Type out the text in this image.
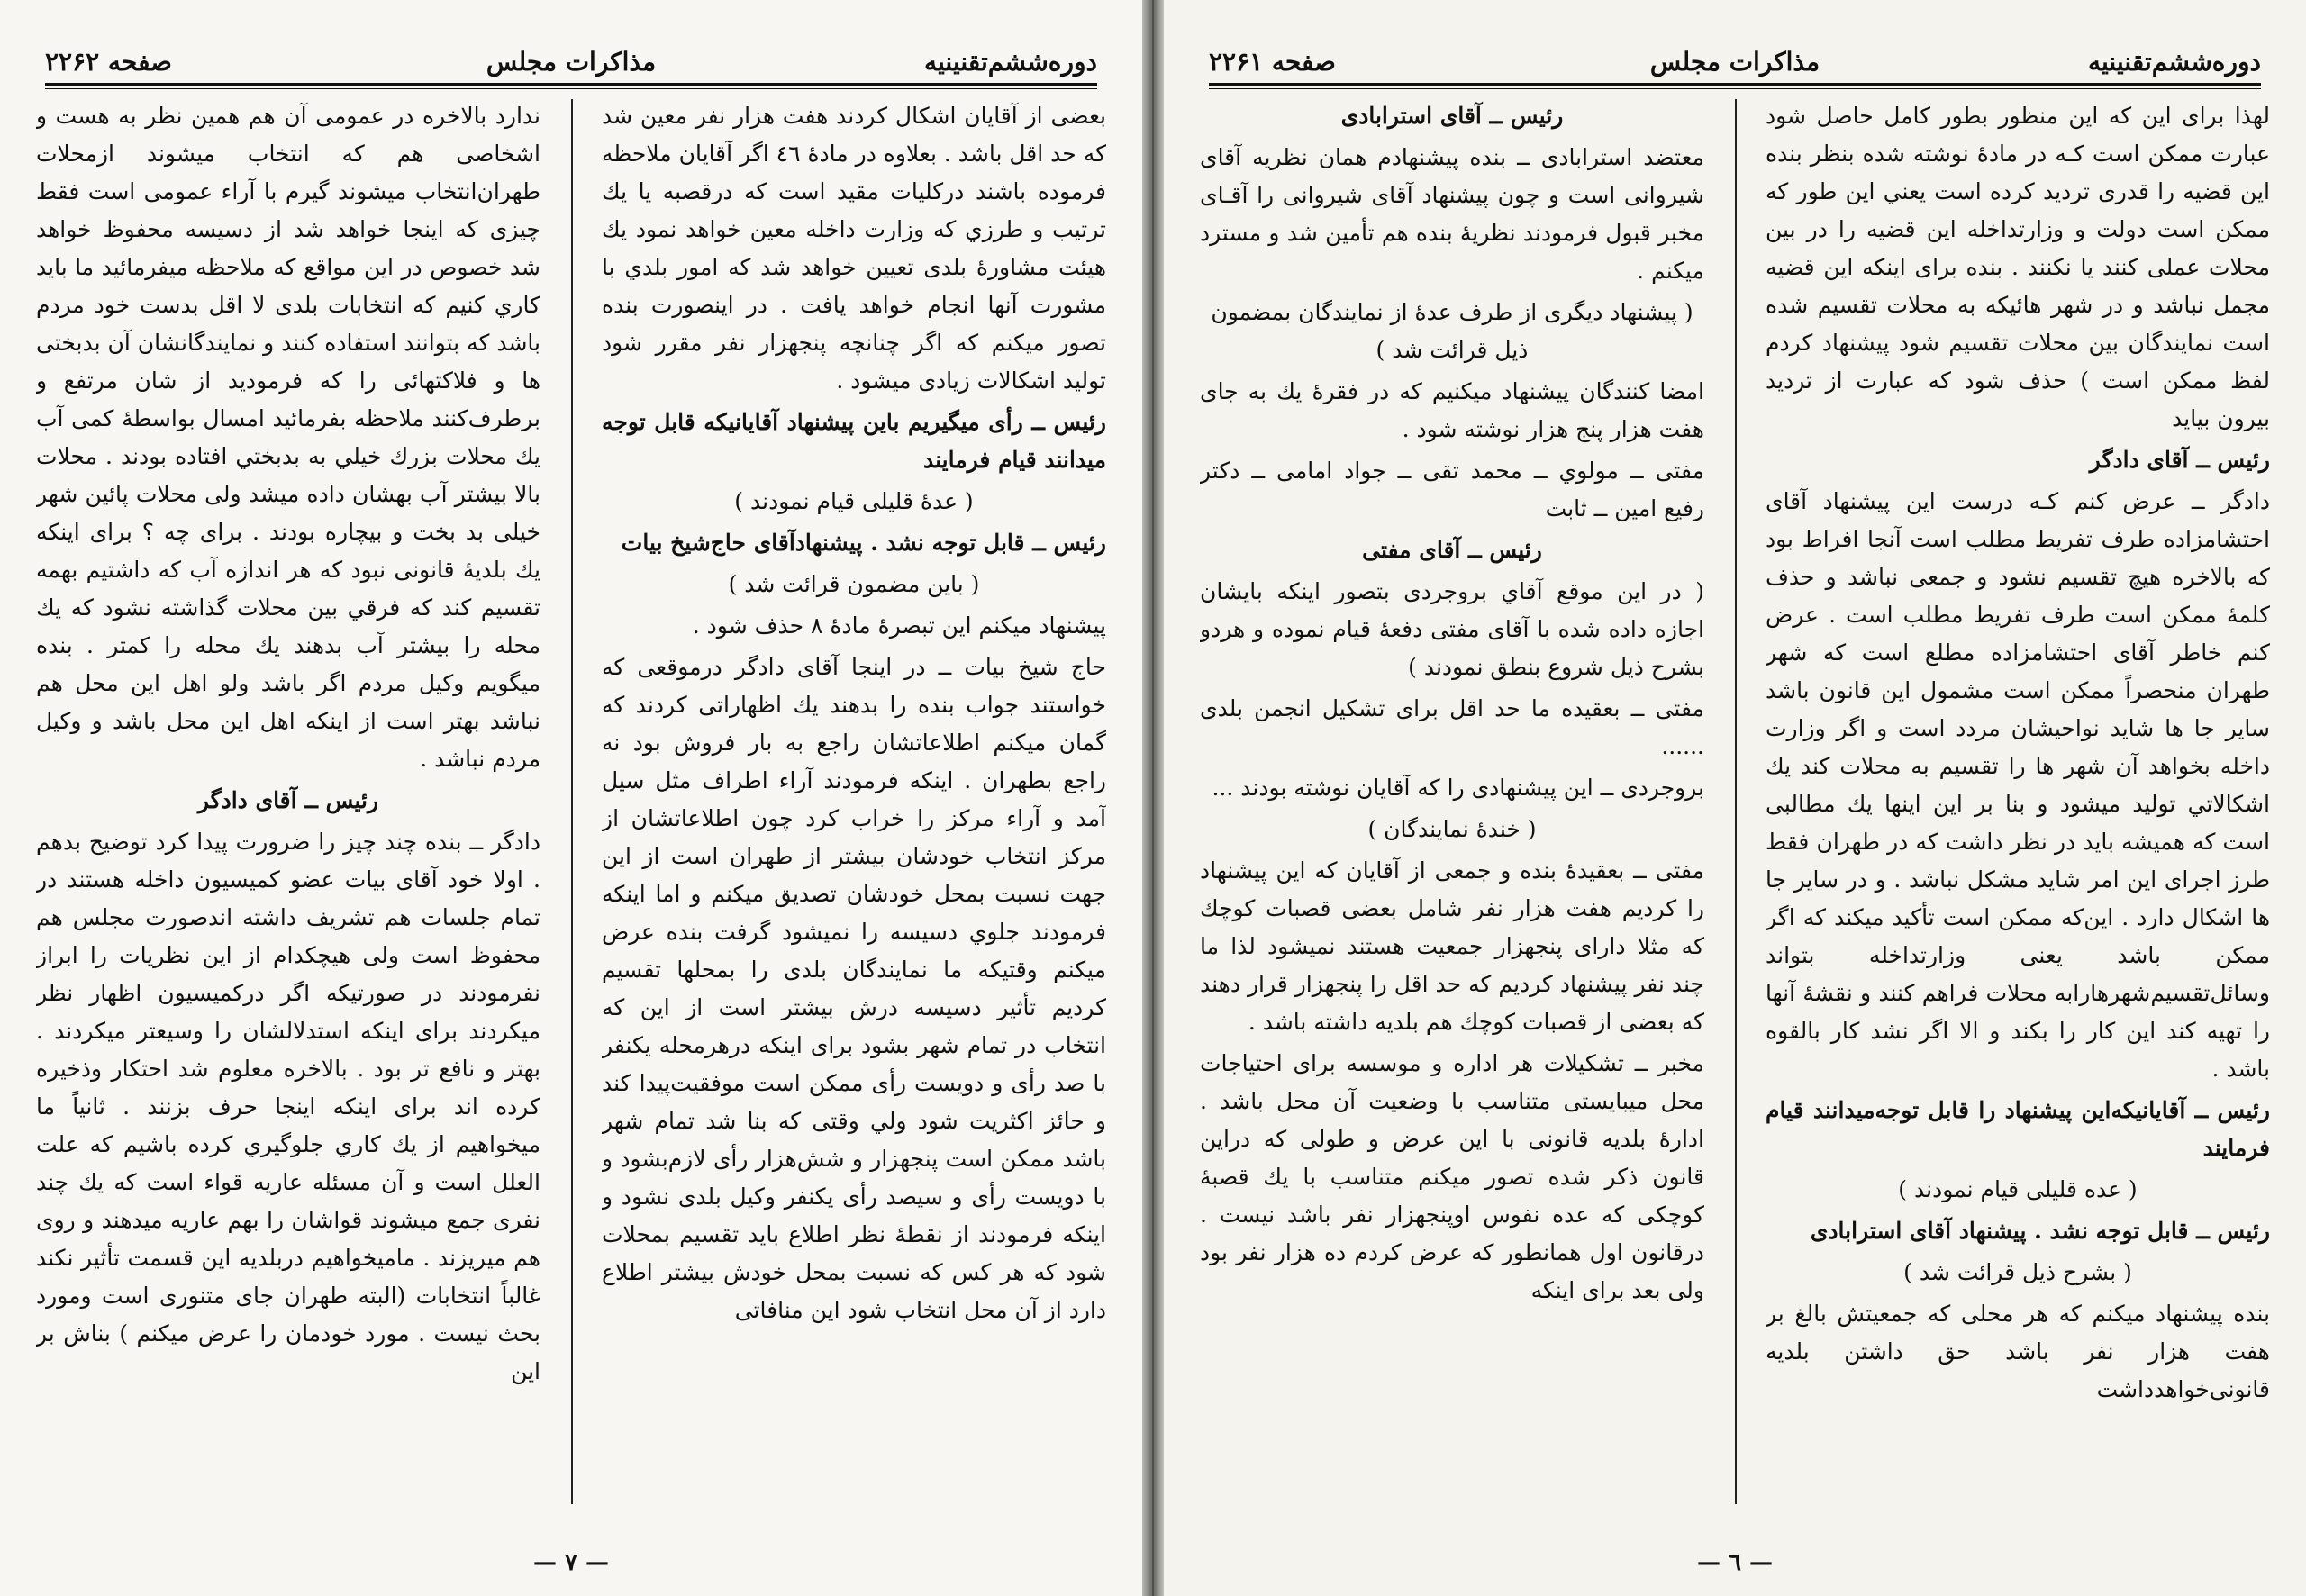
دوره‌ششم‌تقنینیه
مذاکرات مجلس
صفحه ۲۲۶۲

بعضی از آقایان اشکال کردند هفت هزار نفر معین شد که حد اقل باشد . بعلاوه در مادهٔ ٤٦ اگر آقایان ملاحظه فرموده باشند درکلیات مقید است که درقصبه یا یك ترتیب و طرزي که وزارت داخله معین خواهد نمود یك هیئت مشاورهٔ بلدی تعیین خواهد شد که امور بلدي با مشورت آنها انجام خواهد یافت . در اینصورت بنده تصور میکنم که اگر چنانچه پنجهزار نفر مقرر شود تولید اشکالات زیادی میشود .

رئیس ــ رأی میگیریم باین پیشنهاد آقایانیکه قابل توجه میدانند قیام فرمایند

( عدهٔ قلیلی قیام نمودند )

رئیس ــ قابل توجه نشد . پیشنهادآقای حاج‌شیخ بیات

( باین مضمون قرائت شد )

پیشنهاد میکنم این تبصرهٔ مادهٔ ۸ حذف شود .

حاج شیخ بیات ــ در اینجا آقای دادگر درموقعی که خواستند جواب بنده را بدهند یك اظهاراتی کردند که گمان میکنم اطلاعاتشان راجع به بار فروش بود نه راجع بطهران . اینکه فرمودند آراء اطراف مثل سیل آمد و آراء مرکز را خراب کرد چون اطلاعاتشان از مرکز انتخاب خودشان بیشتر از طهران است از این جهت نسبت بمحل خودشان تصدیق میکنم و اما اینکه فرمودند جلوي دسیسه را نمیشود گرفت بنده عرض میکنم وقتیکه ما نمایندگان بلدی را بمحلها تقسیم کردیم تأثیر دسیسه درش بیشتر است از این که انتخاب در تمام شهر بشود برای اینکه درهرمحله یکنفر با صد رأی و دویست رأی ممکن است موفقیت‌پیدا کند و حائز اکثریت شود ولي وقتی که بنا شد تمام شهر باشد ممکن است پنجهزار و شش‌هزار رأی لازم‌بشود و با دویست رأی و سیصد رأی یکنفر وکیل بلدی نشود و اینکه فرمودند از نقطهٔ نظر اطلاع باید تقسیم بمحلات شود که هر کس که نسبت بمحل خودش بیشتر اطلاع دارد از آن محل انتخاب شود این منافاتی

ندارد بالاخره در عمومی آن هم همین نظر به هست و اشخاصی هم که انتخاب میشوند ازمحلات طهران‌انتخاب میشوند گیرم با آراء عمومی است فقط چیزی که اینجا خواهد شد از دسیسه محفوظ خواهد شد خصوص در این مواقع که ملاحظه میفرمائید ما بايد كاري كنيم كه انتخابات بلدی لا اقل بدست خود مردم باشد که بتوانند استفاده کنند و نمایندگانشان آن بدبختی ها و فلاکتهائی را که فرمودید از شان مرتفع و برطرف‌کنند ملاحظه بفرمائید امسال بواسطهٔ کمی آب یك محلات بزرك خیلي به بدبختي افتاده بودند . محلات بالا بیشتر آب بهشان داده میشد ولی محلات پائین شهر خیلی بد بخت و بیچاره بودند . برای چه ؟ برای اینکه یك بلدیهٔ قانونی نبود که هر اندازه آب که داشتیم بهمه تقسیم کند که فرقي بین محلات گذاشته نشود که یك محله را بیشتر آب بدهند یك محله را کمتر . بنده میگویم وکیل مردم اگر باشد ولو اهل این محل هم نباشد بهتر است از اینکه اهل این محل باشد و وکیل مردم نباشد .

رئیس ــ آقای دادگر

دادگر ــ بنده چند چیز را ضرورت پیدا کرد توضیح بدهم . اولا خود آقای بیات عضو کمیسیون داخله هستند در تمام جلسات هم تشریف داشته اندصورت مجلس هم محفوظ است ولی هیچکدام از این نظریات را ابراز نفرمودند در صورتیکه اگر درکمیسیون اظهار نظر میکردند برای اینکه استدلالشان را وسیعتر میکردند . بهتر و نافع تر بود . بالاخره معلوم شد احتکار وذخیره کرده اند برای اینکه اینجا حرف بزنند . ثانیاً ما میخواهیم از یك كاري جلوگيري کرده باشیم که علت العلل است و آن مسئله عاریه قواء است که یك چند نفری جمع میشوند قواشان را بهم عاریه میدهند و روی هم میریزند . مامیخواهیم دربلدیه این قسمت تأثیر نکند غالباً انتخابات (البته طهران جای متنوری است ومورد بحث نیست . مورد خودمان را عرض میکنم ) بناش بر این

— ٧ —
دوره‌ششم‌تقنینیه
مذاکرات مجلس
صفحه ۲۲۶۱

لهذا برای این که این منظور بطور کامل حاصل شود عبارت ممکن است کـه در مادهٔ نوشته شده بنظر بنده این قضیه را قدری تردید کرده است یعني این طور که ممکن است دولت و وزارتداخله این قضیه را در بین محلات عملی کنند یا نکنند . بنده برای اینکه این قضیه مجمل نباشد و در شهر هائیکه به محلات تقسیم شده است نمایندگان بین محلات تقسیم شود پیشنهاد کردم لفظ ممکن است ) حذف شود که عبارت از تردید بیرون بیاید

رئیس ــ آقای دادگر

دادگر ــ عرض کنم کـه درست این پیشنهاد آقای احتشامزاده طرف تفریط مطلب است آنجا افراط بود که بالاخره هیچ تقسیم نشود و جمعی نباشد و حذف کلمهٔ ممکن است طرف تفریط مطلب است . عرض کنم خاطر آقای احتشامزاده مطلع است که شهر طهران منحصراً ممکن است مشمول این قانون باشد سایر جا ها شاید نواحیشان مردد است و اگر وزارت داخله بخواهد آن شهر ها را تقسیم به محلات کند یك اشکالاتي تولید میشود و بنا بر این اینها یك مطالبی است که همیشه باید در نظر داشت که در طهران فقط طرز اجرای این امر شاید مشکل نباشد . و در سایر جا ها اشکال دارد . این‌که ممکن است تأکید میکند که اگر ممکن باشد یعنی وزارتداخله بتواند وسائل‌تقسیم‌شهرهارابه محلات فراهم کنند و نقشهٔ آنها را تهیه کند این کار را بکند و الا اگر نشد کار بالقوه باشد .

رئیس ــ آقایانیکه‌این پیشنهاد را قابل توجه‌میدانند قیام فرمایند

( عده قلیلی قیام نمودند )

رئیس ــ قابل توجه نشد . پیشنهاد آقای استرابادی

( بشرح ذیل قرائت شد )

بنده پیشنهاد میکنم که هر محلی که جمعیتش بالغ بر هفت هزار نفر باشد حق داشتن بلدیه قانونی‌خواهدداشت

رئیس ــ آقای استرابادی

معتضد استرابادی ــ بنده پیشنهادم همان نظریه آقای شیروانی است و چون پیشنهاد آقای شیروانی را آقـای مخبر قبول فرمودند نظریهٔ بنده هم تأمین شد و مسترد میکنم .

( پیشنهاد دیگری از طرف عدهٔ از نمایندگان بمضمون ذیل قرائت شد )

امضا کنندگان پیشنهاد میکنیم که در فقرهٔ یك به جای هفت هزار پنج هزار نوشته شود .

مفتی ــ مولوي ــ محمد تقی ــ جواد امامی ــ دکتر رفیع امین ــ ثابت

رئیس ــ آقای مفتی

( در این موقع آقاي بروجردی بتصور اینکه بایشان اجازه داده شده با آقای مفتی دفعهٔ قیام نموده و هردو بشرح ذیل شروع بنطق نمودند )

مفتی ــ بعقیده ما حد اقل برای تشکیل انجمن بلدی ......

بروجردی ــ این پیشنهادی را که آقایان نوشته بودند ...

( خندهٔ نمایندگان )

مفتی ــ بعقیدهٔ بنده و جمعی از آقایان که این پیشنهاد را کردیم هفت هزار نفر شامل بعضی قصبات کوچك که مثلا دارای پنجهزار جمعیت هستند نمیشود لذا ما چند نفر پیشنهاد کردیم که حد اقل را پنجهزار قرار دهند که بعضی از قصبات کوچك هم بلدیه داشته باشد .

مخبر ــ تشکیلات هر اداره و موسسه برای احتیاجات محل میبایستی متناسب با وضعیت آن محل باشد . ادارهٔ بلدیه قانونی با این عرض و طولی که دراین قانون ذکر شده تصور میکنم متناسب با یك قصبهٔ کوچکی که عده نفوس اوپنجهزار نفر باشد نیست . درقانون اول همانطور که عرض کردم ده هزار نفر بود ولی بعد برای اینکه

— ٦ —
